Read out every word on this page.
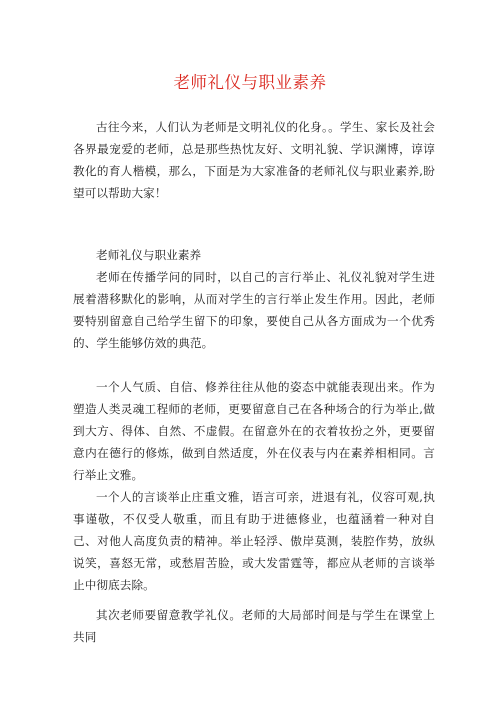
老师礼仪与职业素养

古往今来，人们认为老师是文明礼仪的化身。。学生、家长及社会各界最宠爱的老师，总是那些热忱友好、文明礼貌、学识渊博，谆谆教化的育人楷模，那么，下面是为大家准备的老师礼仪与职业素养,盼望可以帮助大家！

老师礼仪与职业素养

老师在传播学问的同时，以自己的言行举止、礼仪礼貌对学生进展着潜移默化的影响，从而对学生的言行举止发生作用。因此，老师要特别留意自己给学生留下的印象，要使自己从各方面成为一个优秀的、学生能够仿效的典范。

一个人气质、自信、修养往往从他的姿态中就能表现出来。作为塑造人类灵魂工程师的老师，更要留意自己在各种场合的行为举止,做到大方、得体、自然、不虚假。在留意外在的衣着妆扮之外，更要留意内在德行的修炼，做到自然适度，外在仪表与内在素养相相同。言行举止文雅。

一个人的言谈举止庄重文雅，语言可亲，进退有礼，仪容可观,执事谨敬，不仅受人敬重，而且有助于进德修业，也蕴涵着一种对自己、对他人高度负责的精神。举止轻浮、傲岸莫测，装腔作势，放纵说笑，喜怒无常，或愁眉苦脸，或大发雷霆等，都应从老师的言谈举止中彻底去除。

其次老师要留意教学礼仪。老师的大局部时间是与学生在课堂上共同
